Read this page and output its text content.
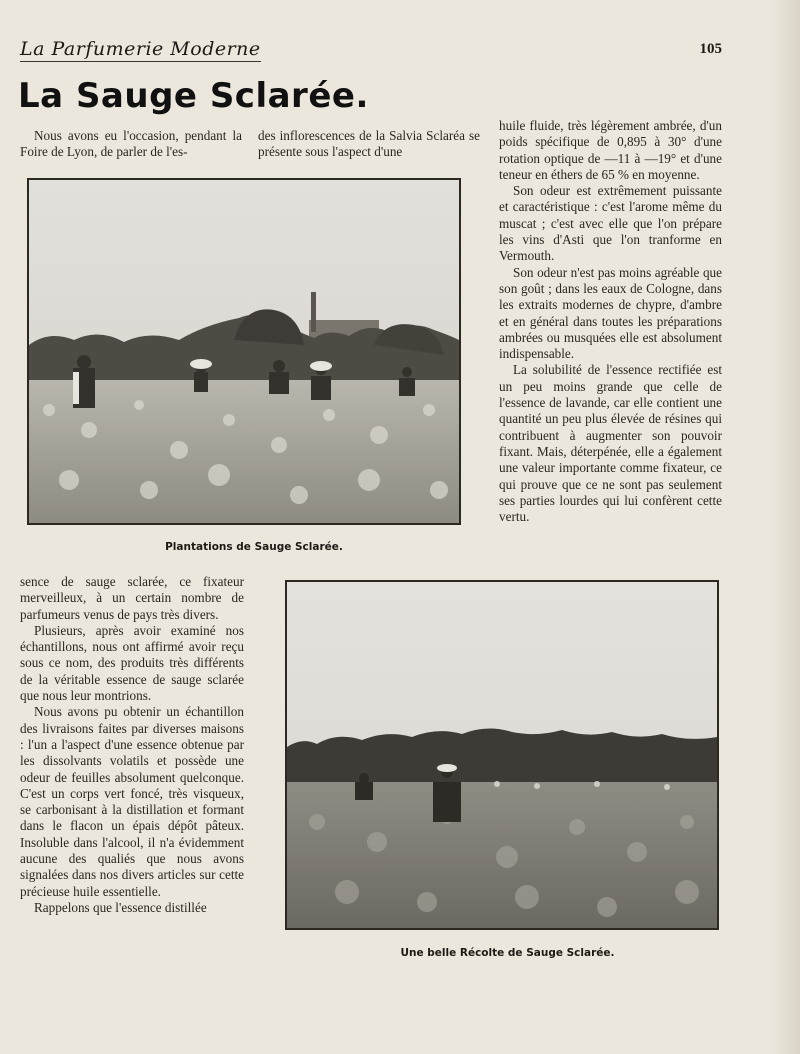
La Parfumerie Moderne	105
La Sauge Sclarée.

Nous avons eu l'occasion, pendant la Foire de Lyon, de parler de l'es-

des inflorescences de la Salvia Sclaréa se présente sous l'aspect d'une

huile fluide, très légèrement ambrée, d'un poids spécifique de 0,895 à 30° d'une rotation optique de —11 à —19° et d'une teneur en éthers de 65 % en moyenne.

Son odeur est extrêmement puissante et caractéristique : c'est l'arome même du muscat ; c'est avec elle que l'on prépare les vins d'Asti que l'on tranforme en Vermouth.

Son odeur n'est pas moins agréable que son goût ; dans les eaux de Cologne, dans les extraits modernes de chypre, d'ambre et en général dans toutes les préparations ambrées ou musquées elle est absolument indispensable.

La solubilité de l'essence rectifiée est un peu moins grande que celle de l'essence de lavande, car elle contient une quantité un peu plus élevée de résines qui contribuent à augmenter son pouvoir fixant. Mais, déterpénée, elle a également une valeur importante comme fixateur, ce qui prouve que ce ne sont pas seulement ses parties lourdes qui lui confèrent cette vertu.

Plantations de Sauge Sclarée.

sence de sauge sclarée, ce fixateur merveilleux, à un certain nombre de parfumeurs venus de pays très divers.

Plusieurs, après avoir examiné nos échantillons, nous ont affirmé avoir reçu sous ce nom, des produits très différents de la véritable essence de sauge sclarée que nous leur montrions.

Nous avons pu obtenir un échantillon des livraisons faites par diverses maisons : l'un a l'aspect d'une essence obtenue par les dissolvants volatils et possède une odeur de feuilles absolument quelconque. C'est un corps vert foncé, très visqueux, se carbonisant à la distillation et formant dans le flacon un épais dépôt pâteux. Insoluble dans l'alcool, il n'a évidemment aucune des qualiés que nous avons signalées dans nos divers articles sur cette précieuse huile essentielle.

Rappelons que l'essence distillée

Une belle Récolte de Sauge Sclarée.
